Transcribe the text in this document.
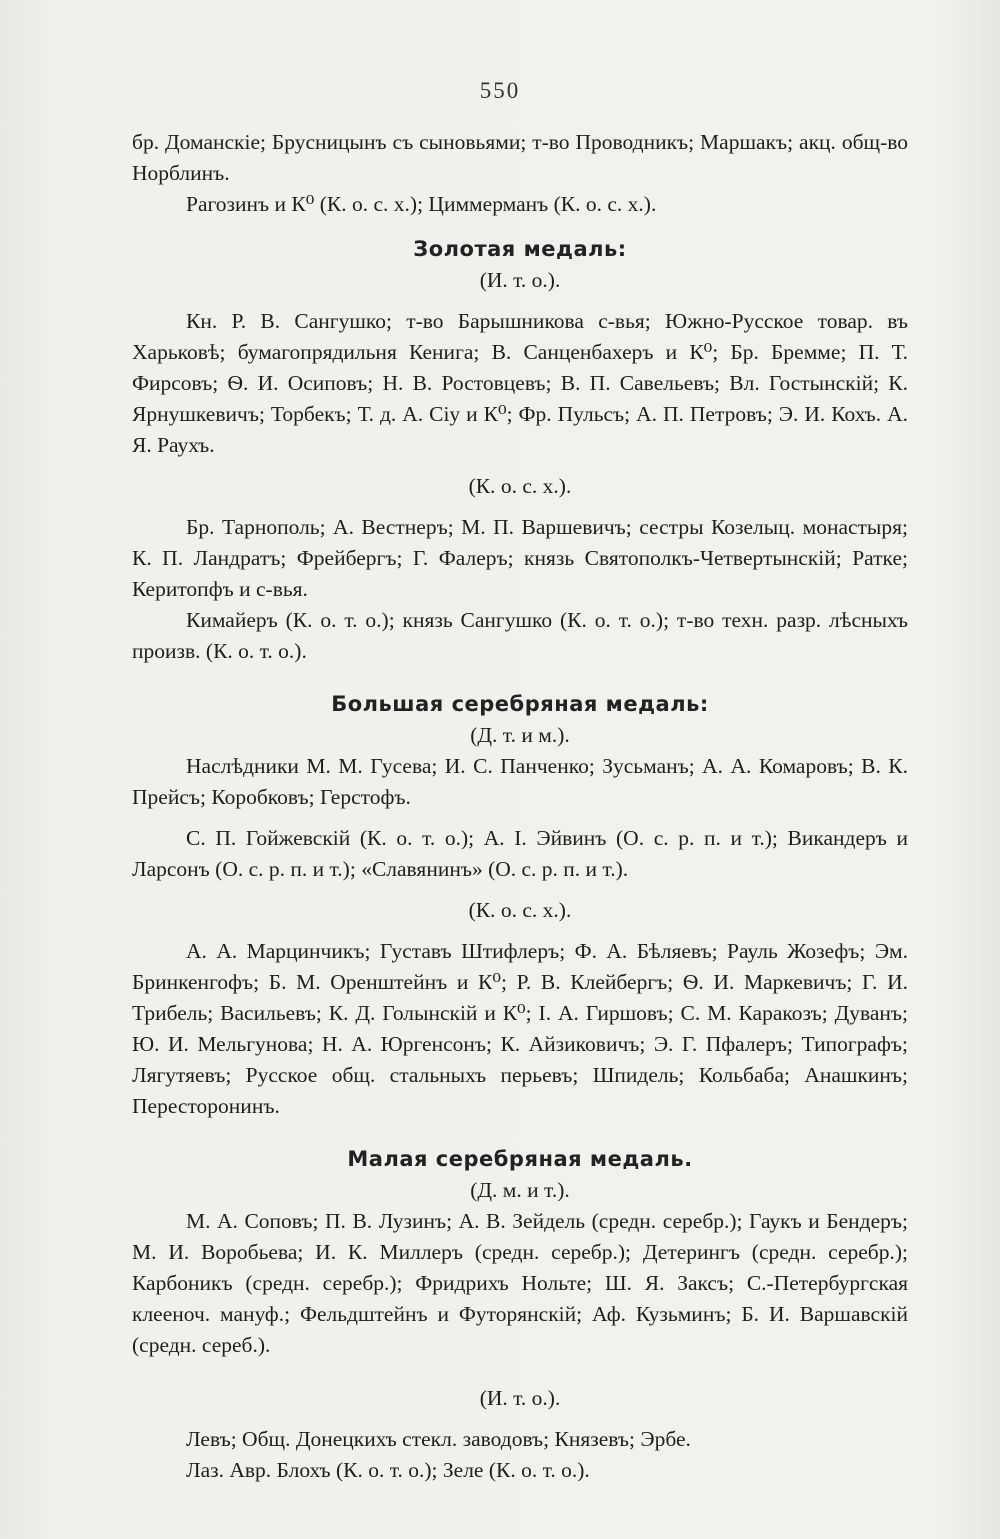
550

бр. Доманскіе; Брусницынъ съ сыновьями; т-во Проводникъ; Маршакъ; акц. общ-во Норблинъ.

Рагозинъ и К⁰ (К. о. с. х.); Циммерманъ (К. о. с. х.).

Золотая медаль:

(И. т. о.).

Кн. Р. В. Сангушко; т-во Барышникова с-вья; Южно-Русское товар. въ Харьковѣ; бумагопрядильня Кенига; В. Санценбахеръ и К⁰; Бр. Бремме; П. Т. Фирсовъ; Ѳ. И. Осиповъ; Н. В. Ростовцевъ; В. П. Савельевъ; Вл. Гостынскій; К. Ярнушкевичъ; Торбекъ; Т. д. А. Сіу и К⁰; Фр. Пульсъ; А. П. Петровъ; Э. И. Кохъ. А. Я. Раухъ.

(К. о. с. х.).

Бр. Тарнополь; А. Вестнеръ; М. П. Варшевичъ; сестры Козелыц. монастыря; К. П. Ландратъ; Фрейбергъ; Г. Фалеръ; князь Святополкъ-Четвертынскій; Ратке; Керитопфъ и с-вья.

Кимайеръ (К. о. т. о.); князь Сангушко (К. о. т. о.); т-во техн. разр. лѣсныхъ произв. (К. о. т. о.).

Большая серебряная медаль:

(Д. т. и м.).

Наслѣдники М. М. Гусева; И. С. Панченко; Зусьманъ; А. А. Комаровъ; В. К. Прейсъ; Коробковъ; Герстофъ.

С. П. Гойжевскій (К. о. т. о.); А. І. Эйвинъ (О. с. р. п. и т.); Викандеръ и Ларсонъ (О. с. р. п. и т.); «Славянинъ» (О. с. р. п. и т.).

(К. о. с. х.).

А. А. Марцинчикъ; Густавъ Штифлеръ; Ф. А. Бѣляевъ; Рауль Жозефъ; Эм. Бринкенгофъ; Б. М. Оренштейнъ и К⁰; Р. В. Клейбергъ; Ѳ. И. Маркевичъ; Г. И. Трибель; Васильевъ; К. Д. Голынскій и К⁰; І. А. Гиршовъ; С. М. Каракозъ; Дуванъ; Ю. И. Мельгунова; Н. А. Юргенсонъ; К. Айзиковичъ; Э. Г. Пфалеръ; Типографъ; Лягутяевъ; Русское общ. стальныхъ перьевъ; Шпидель; Кольбаба; Анашкинъ; Пересторонинъ.

Малая серебряная медаль.

(Д. м. и т.).

М. А. Соповъ; П. В. Лузинъ; А. В. Зейдель (средн. серебр.); Гаукъ и Бендеръ; М. И. Воробьева; И. К. Миллеръ (средн. серебр.); Детерингъ (средн. серебр.); Карбоникъ (средн. серебр.); Фридрихъ Нольте; Ш. Я. Заксъ; С.-Петербургская клееноч. мануф.; Фельдштейнъ и Футорянскій; Аф. Кузьминъ; Б. И. Варшавскій (средн. сереб.).

(И. т. о.).

Левъ; Общ. Донецкихъ стекл. заводовъ; Князевъ; Эрбе.

Лаз. Авр. Блохъ (К. о. т. о.); Зеле (К. о. т. о.).
